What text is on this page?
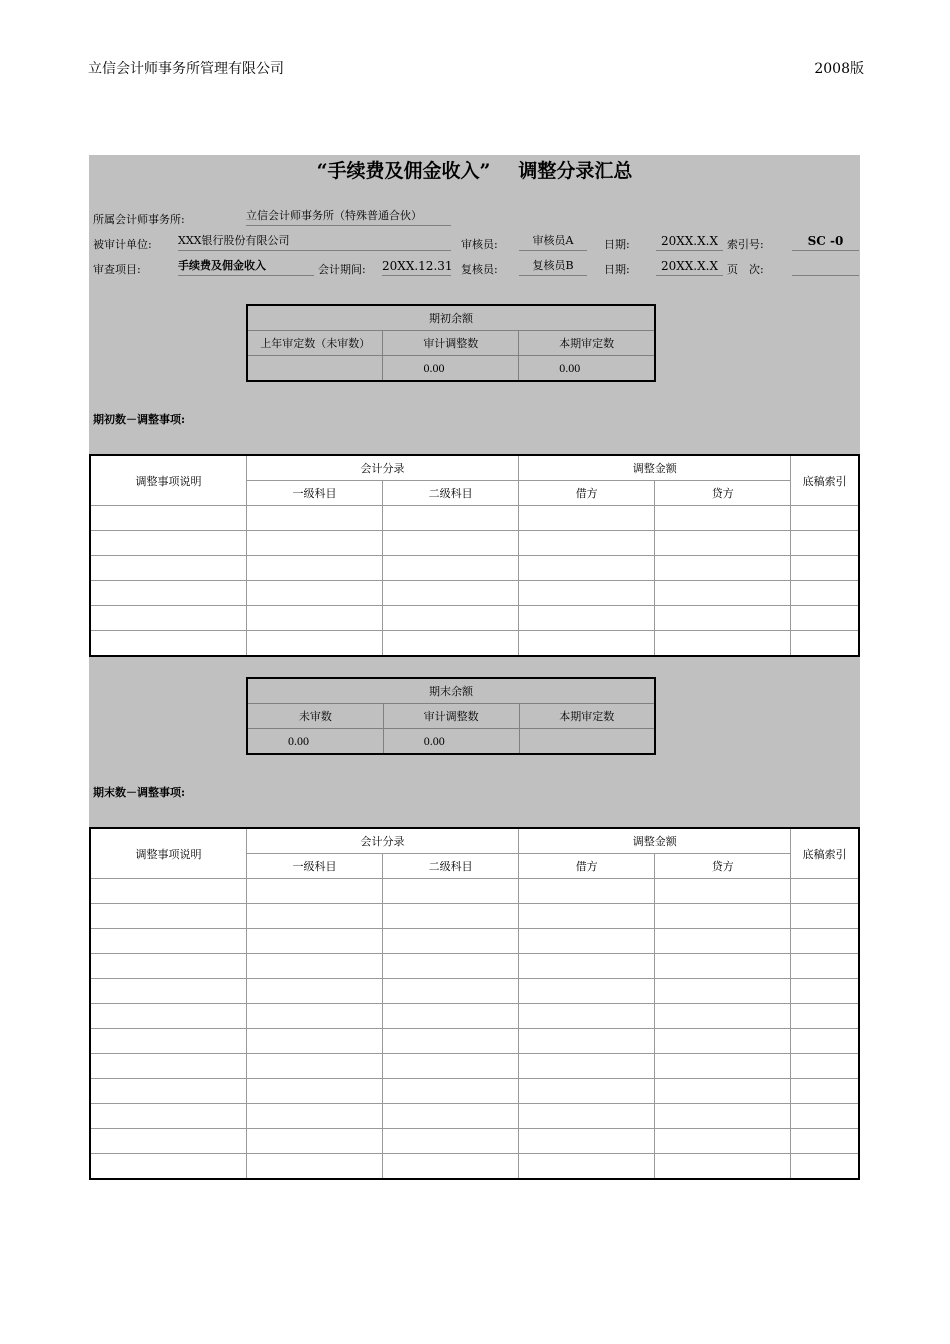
立信会计师事务所管理有限公司	2008版
“手续费及佣金收入” 调整分录汇总
所属会计师事务所:	立信会计师事务所（特殊普通合伙）
被审计单位: XXX银行股份有限公司	审核员:	审核员A	日期:	20XX.X.X 索引号:	SC -0
审查项目:	手续费及佣金收入	会计期间: 20XX.12.31 复核员:	复核员B	日期:	20XX.X.X 页　次:
期初余额		
上年审定数（未审数）	审计调整数	本期审定数
	0.00	0.00
期初数－调整事项:
调整事项说明	会计分录		调整金额		底稿索引
	一级科目	二级科目	借方	贷方	

期末余额		
未审数	审计调整数	本期审定数
0.00	0.00	
期末数－调整事项:
调整事项说明	会计分录		调整金额		底稿索引
	一级科目	二级科目	借方	贷方	
